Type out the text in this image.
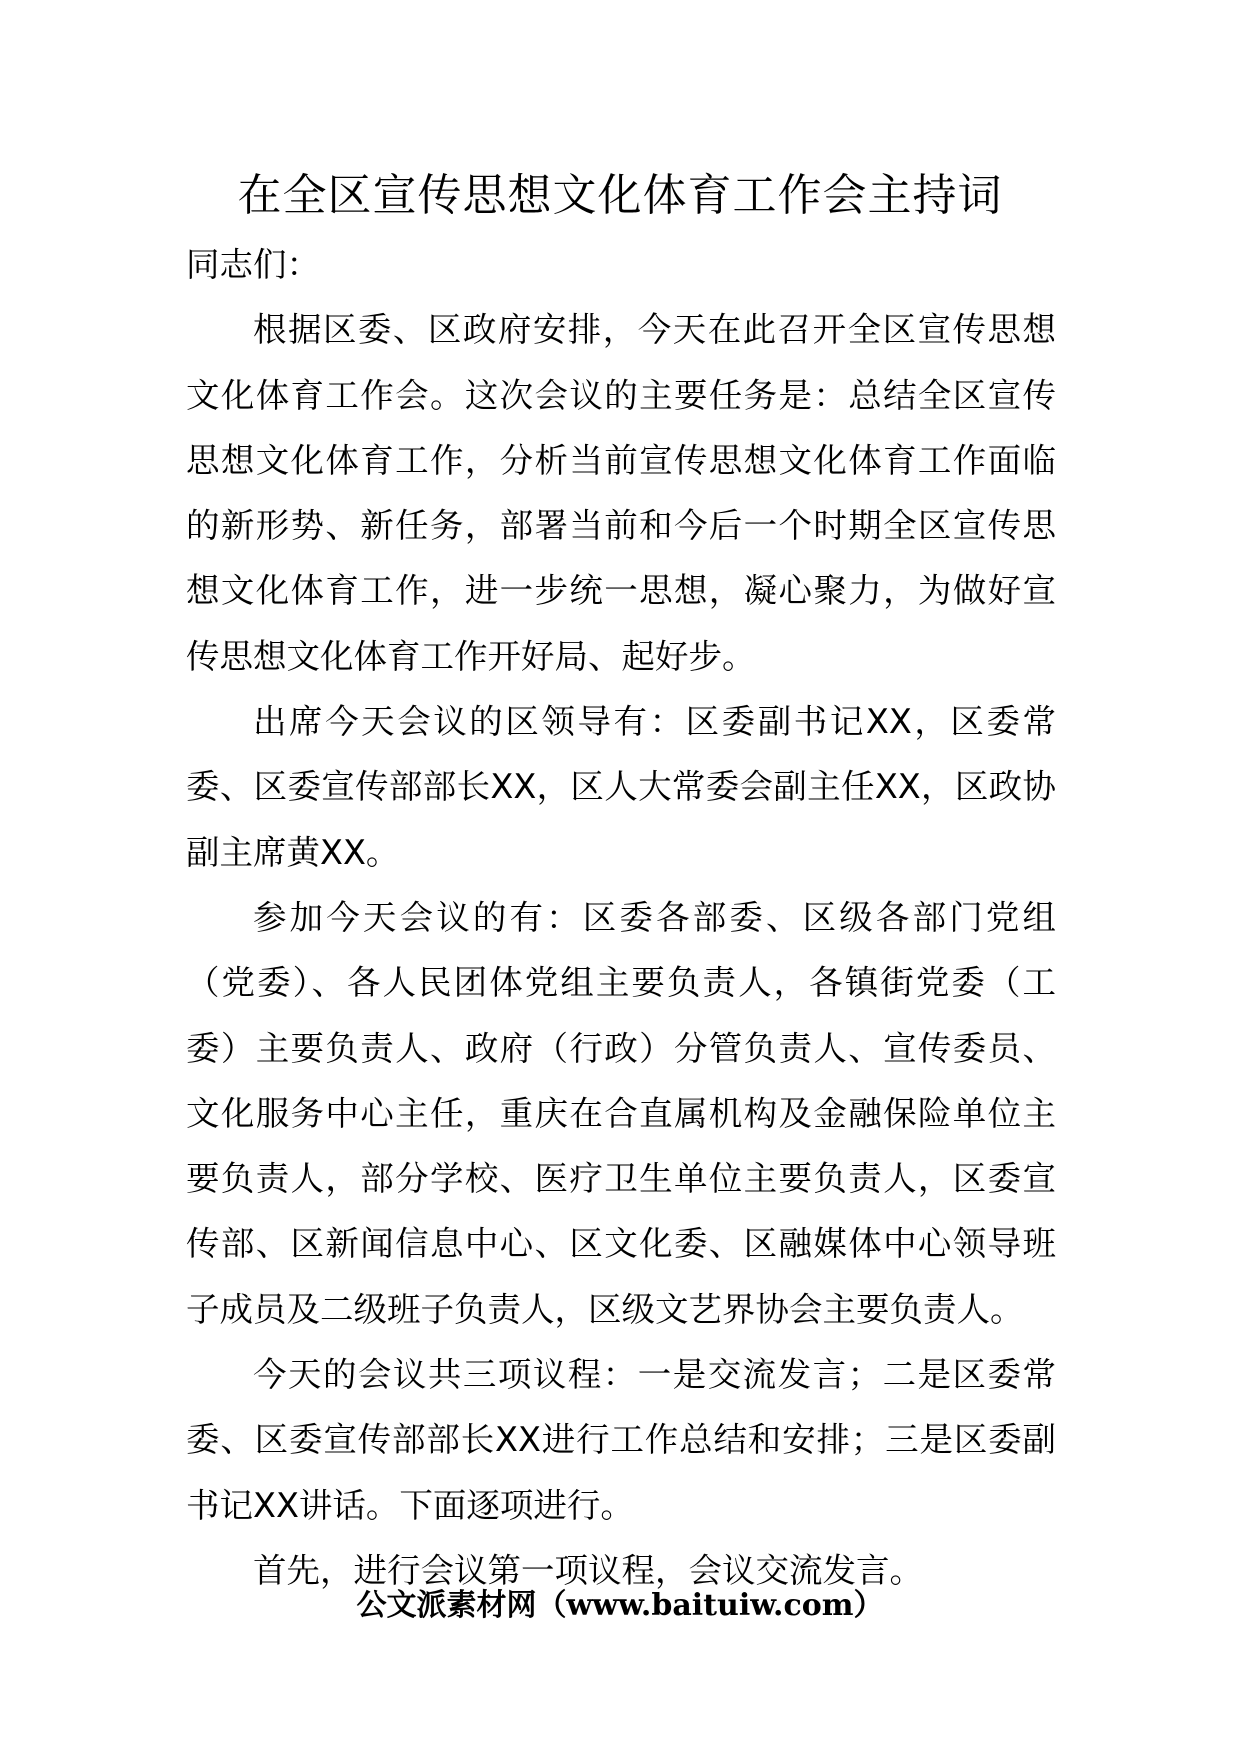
在全区宣传思想文化体育工作会主持词

同志们：

根据区委、区政府安排，今天在此召开全区宣传思想文化体育工作会。这次会议的主要任务是：总结全区宣传思想文化体育工作，分析当前宣传思想文化体育工作面临的新形势、新任务，部署当前和今后一个时期全区宣传思想文化体育工作，进一步统一思想，凝心聚力，为做好宣传思想文化体育工作开好局、起好步。

出席今天会议的区领导有：区委副书记XX，区委常委、区委宣传部部长XX，区人大常委会副主任XX，区政协副主席黄XX。

参加今天会议的有：区委各部委、区级各部门党组（党委）、各人民团体党组主要负责人，各镇街党委（工委）主要负责人、政府（行政）分管负责人、宣传委员、文化服务中心主任，重庆在合直属机构及金融保险单位主要负责人，部分学校、医疗卫生单位主要负责人，区委宣传部、区新闻信息中心、区文化委、区融媒体中心领导班子成员及二级班子负责人，区级文艺界协会主要负责人。

今天的会议共三项议程：一是交流发言；二是区委常委、区委宣传部部长XX进行工作总结和安排；三是区委副书记XX讲话。下面逐项进行。

首先，进行会议第一项议程，会议交流发言。

公文派素材网（www.baituiw.com）
